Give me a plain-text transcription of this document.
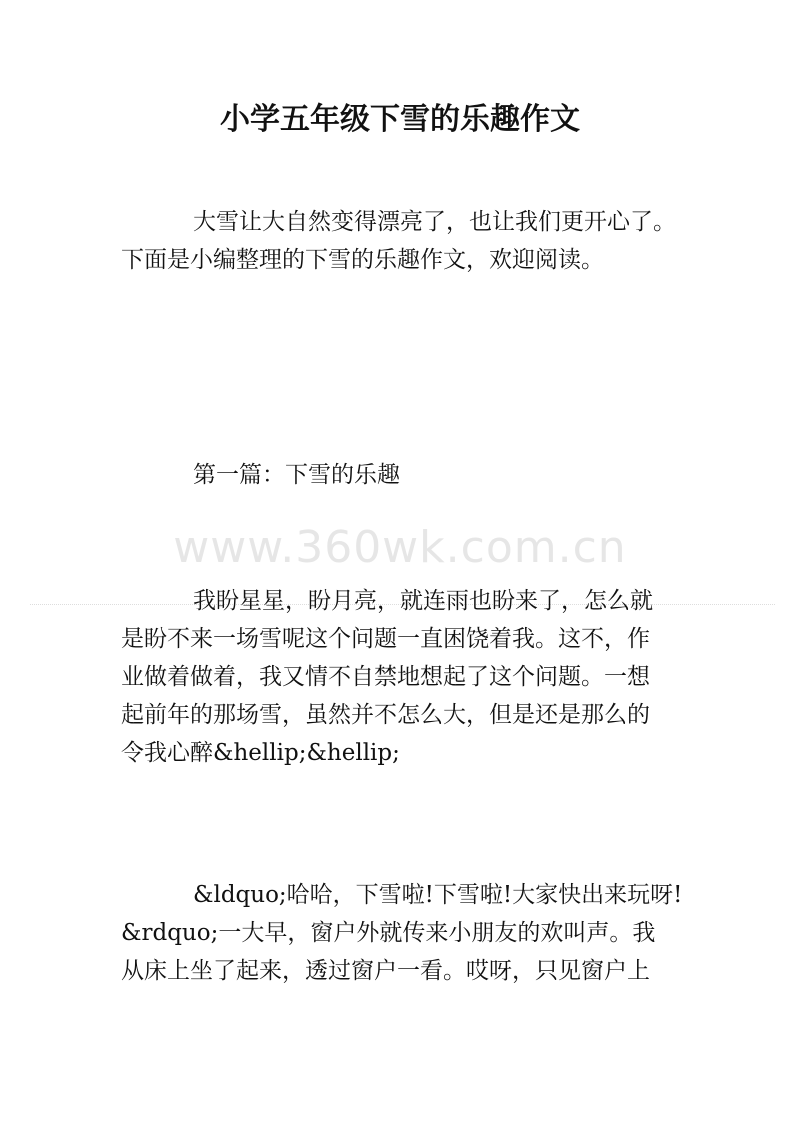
小学五年级下雪的乐趣作文
大雪让大自然变得漂亮了，也让我们更开心了。
下面是小编整理的下雪的乐趣作文，欢迎阅读。
第一篇：下雪的乐趣
www.360wk.com.cn
我盼星星，盼月亮，就连雨也盼来了，怎么就
是盼不来一场雪呢这个问题一直困饶着我。这不，作
业做着做着，我又情不自禁地想起了这个问题。一想
起前年的那场雪，虽然并不怎么大，但是还是那么的
令我心醉&hellip;&hellip;
&ldquo;哈哈，下雪啦!下雪啦!大家快出来玩呀!
&rdquo;一大早，窗户外就传来小朋友的欢叫声。我
从床上坐了起来，透过窗户一看。哎呀，只见窗户上
